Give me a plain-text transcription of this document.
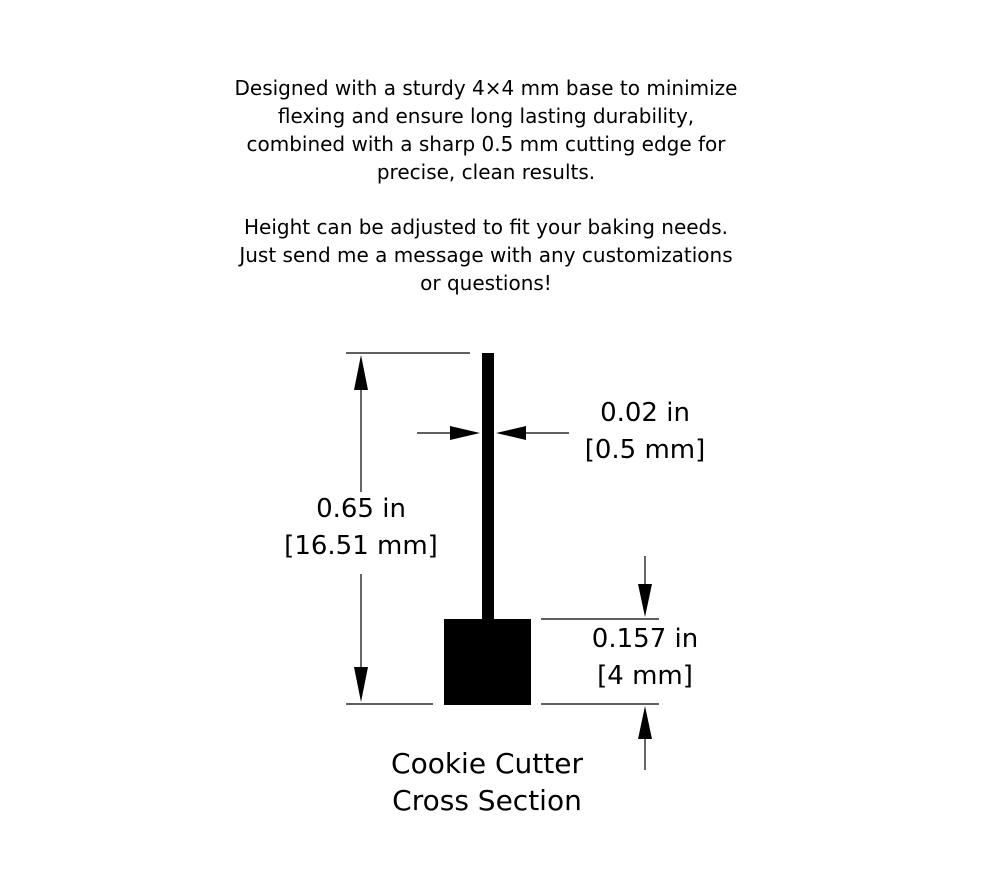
Designed with a sturdy 4×4 mm base to minimize
flexing and ensure long lasting durability,
combined with a sharp 0.5 mm cutting edge for
precise, clean results.

Height can be adjusted to fit your baking needs.
Just send me a message with any customizations
or questions!

0.65 in
[16.51 mm]
0.02 in
[0.5 mm]
0.157 in
[4 mm]
Cookie Cutter
Cross Section
